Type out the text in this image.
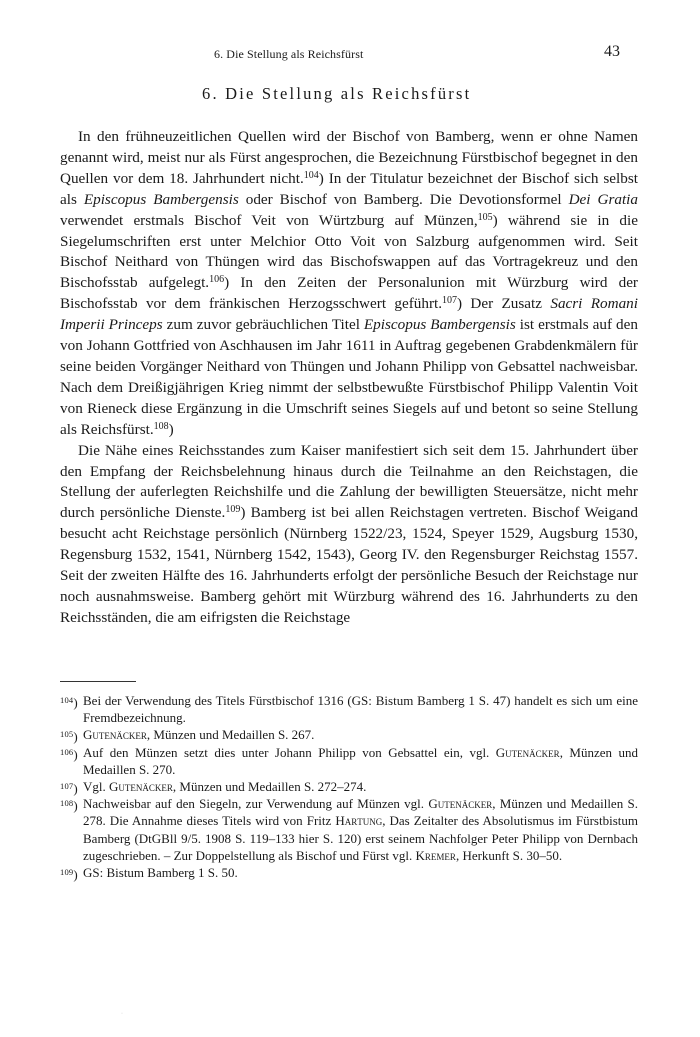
6. Die Stellung als Reichsfürst	43
6. Die Stellung als Reichsfürst

In den frühneuzeitlichen Quellen wird der Bischof von Bamberg, wenn er ohne Namen genannt wird, meist nur als Fürst angesprochen, die Bezeichnung Fürstbischof begegnet in den Quellen vor dem 18. Jahrhundert nicht.$^{104}$) In der Titulatur bezeichnet der Bischof sich selbst als Episcopus Bambergensis oder Bischof von Bamberg. Die Devotionsformel Dei Gratia verwendet erstmals Bischof Veit von Würtzburg auf Münzen,$^{105}$) während sie in die Siegelumschriften erst unter Melchior Otto Voit von Salzburg aufgenommen wird. Seit Bischof Neithard von Thüngen wird das Bischofswappen auf das Vortragekreuz und den Bischofsstab aufgelegt.$^{106}$) In den Zeiten der Personalunion mit Würzburg wird der Bischofsstab vor dem fränkischen Herzogsschwert geführt.$^{107}$) Der Zusatz Sacri Romani Imperii Princeps zum zuvor gebräuchlichen Titel Episcopus Bambergensis ist erstmals auf den von Johann Gottfried von Aschhausen im Jahr 1611 in Auftrag gegebenen Grabdenkmälern für seine beiden Vorgänger Neithard von Thüngen und Johann Philipp von Gebsattel nachweisbar. Nach dem Dreißigjährigen Krieg nimmt der selbstbewußte Fürstbischof Philipp Valentin Voit von Rieneck diese Ergänzung in die Umschrift seines Siegels auf und betont so seine Stellung als Reichsfürst.$^{108}$)

Die Nähe eines Reichsstandes zum Kaiser manifestiert sich seit dem 15. Jahrhundert über den Empfang der Reichsbelehnung hinaus durch die Teilnahme an den Reichstagen, die Stellung der auferlegten Reichshilfe und die Zahlung der bewilligten Steuersätze, nicht mehr durch persönliche Dienste.$^{109}$) Bamberg ist bei allen Reichstagen vertreten. Bischof Weigand besucht acht Reichstage persönlich (Nürnberg 1522/23, 1524, Speyer 1529, Augsburg 1530, Regensburg 1532, 1541, Nürnberg 1542, 1543), Georg IV. den Regensburger Reichstag 1557. Seit der zweiten Hälfte des 16. Jahrhunderts erfolgt der persönliche Besuch der Reichstage nur noch ausnahmsweise. Bamberg gehört mit Würzburg während des 16. Jahrhunderts zu den Reichsständen, die am eifrigsten die Reichstage

$^{104}$) Bei der Verwendung des Titels Fürstbischof 1316 (GS: Bistum Bamberg 1 S. 47) handelt es sich um eine Fremdbezeichnung.
$^{105}$) Gutenäcker, Münzen und Medaillen S. 267.
$^{106}$) Auf den Münzen setzt dies unter Johann Philipp von Gebsattel ein, vgl. Gutenäcker, Münzen und Medaillen S. 270.
$^{107}$) Vgl. Gutenäcker, Münzen und Medaillen S. 272–274.
$^{108}$) Nachweisbar auf den Siegeln, zur Verwendung auf Münzen vgl. Gutenäcker, Münzen und Medaillen S. 278. Die Annahme dieses Titels wird von Fritz Hartung, Das Zeitalter des Absolutismus im Fürstbistum Bamberg (DtGBll 9/5. 1908 S. 119–133 hier S. 120) erst seinem Nachfolger Peter Philipp von Dernbach zugeschrieben. – Zur Doppelstellung als Bischof und Fürst vgl. Kremer, Herkunft S. 30–50.
$^{109}$) GS: Bistum Bamberg 1 S. 50.
·
